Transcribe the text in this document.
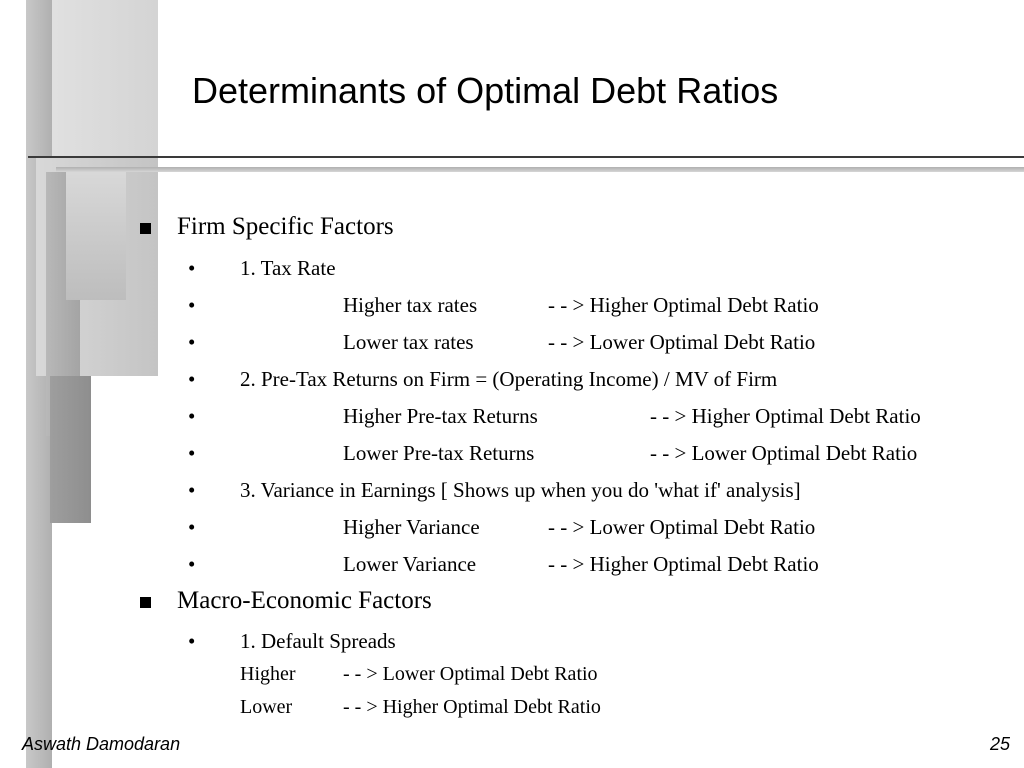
Determinants of Optimal Debt Ratios
Firm Specific Factors
• 1. Tax Rate
•	Higher tax rates	- - > Higher Optimal Debt Ratio
•	Lower tax rates	- - > Lower Optimal Debt Ratio
• 2. Pre-Tax Returns on Firm = (Operating Income) / MV of Firm
•	Higher Pre-tax Returns	- - > Higher Optimal Debt Ratio
•	Lower Pre-tax Returns	- - > Lower Optimal Debt Ratio
• 3. Variance in Earnings [ Shows up when you do 'what if' analysis]
•	Higher Variance	- - > Lower Optimal Debt Ratio
•	Lower Variance	- - > Higher Optimal Debt Ratio
Macro-Economic Factors
• 1. Default Spreads
Higher - - > Lower Optimal Debt Ratio
Lower	- - > Higher Optimal Debt Ratio
Aswath Damodaran	25
